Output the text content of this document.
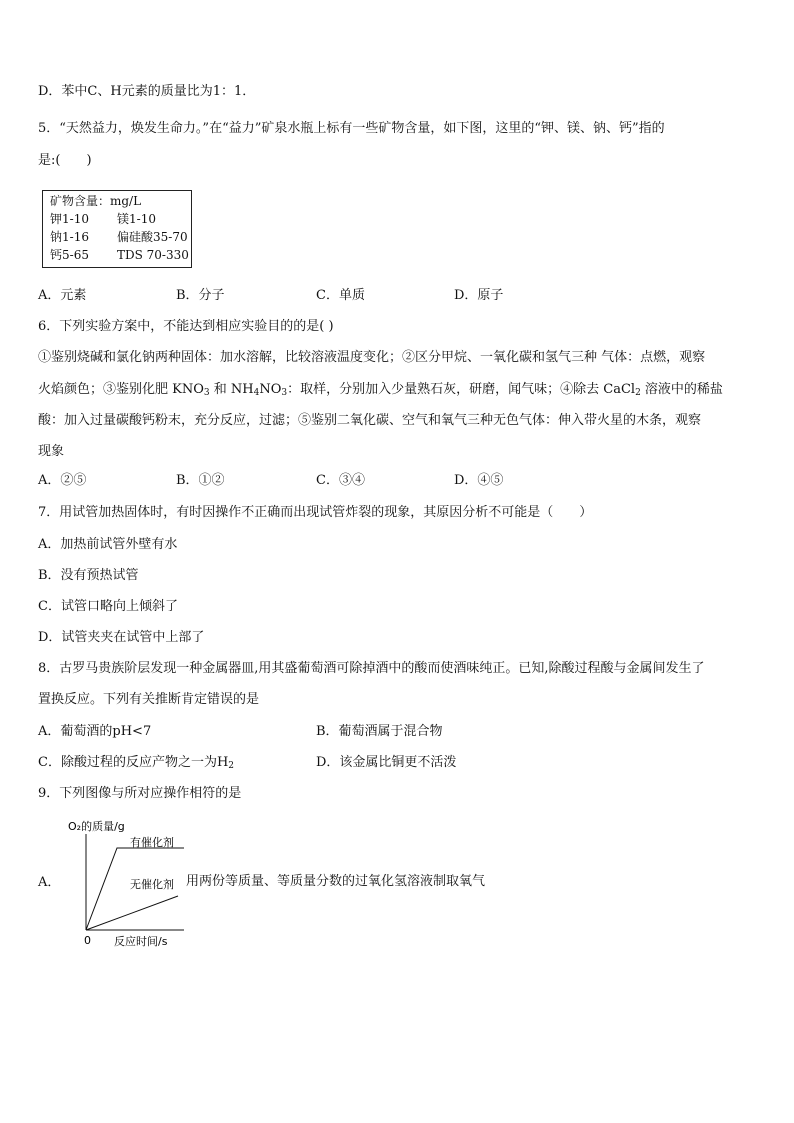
D．苯中C、H元素的质量比为1：1．
5．“天然益力，焕发生命力。”在“益力”矿泉水瓶上标有一些矿物含量，如下图，这里的“钾、镁、钠、钙”指的
是:(　　)
矿物含量：mg/L
钾1-10 镁1-10
钠1-16 偏硅酸35-70
钙5-65 TDS 70-330
A．元素	B．分子	C．单质	D．原子
6．下列实验方案中，不能达到相应实验目的的是( )
①鉴别烧碱和氯化钠两种固体：加水溶解，比较溶液温度变化；②区分甲烷、一氧化碳和氢气三种 气体：点燃，观察
火焰颜色；③鉴别化肥 $KNO_3$ 和 $NH_4NO_3$：取样，分别加入少量熟石灰，研磨，闻气味；④除去 CaCl$_2$ 溶液中的稀盐
酸：加入过量碳酸钙粉末，充分反应，过滤；⑤鉴别二氧化碳、空气和氧气三种无色气体：伸入带火星的木条，观察
现象
A．②⑤	B．①②	C．③④	D．④⑤
7．用试管加热固体时，有时因操作不正确而出现试管炸裂的现象，其原因分析不可能是（　　）
A．加热前试管外壁有水
B．没有预热试管
C．试管口略向上倾斜了
D．试管夹夹在试管中上部了
8．古罗马贵族阶层发现一种金属器皿,用其盛葡萄酒可除掉酒中的酸而使酒味纯正。已知,除酸过程酸与金属间发生了
置换反应。下列有关推断肯定错误的是
A．葡萄酒的pH<7	B．葡萄酒属于混合物
C．除酸过程的反应产物之一为$H_2$	D．该金属比铜更不活泼
9．下列图像与所对应操作相符的是
A．
O₂的质量/g
有催化剂
无催化剂
0 反应时间/s
用两份等质量、等质量分数的过氧化氢溶液制取氧气
